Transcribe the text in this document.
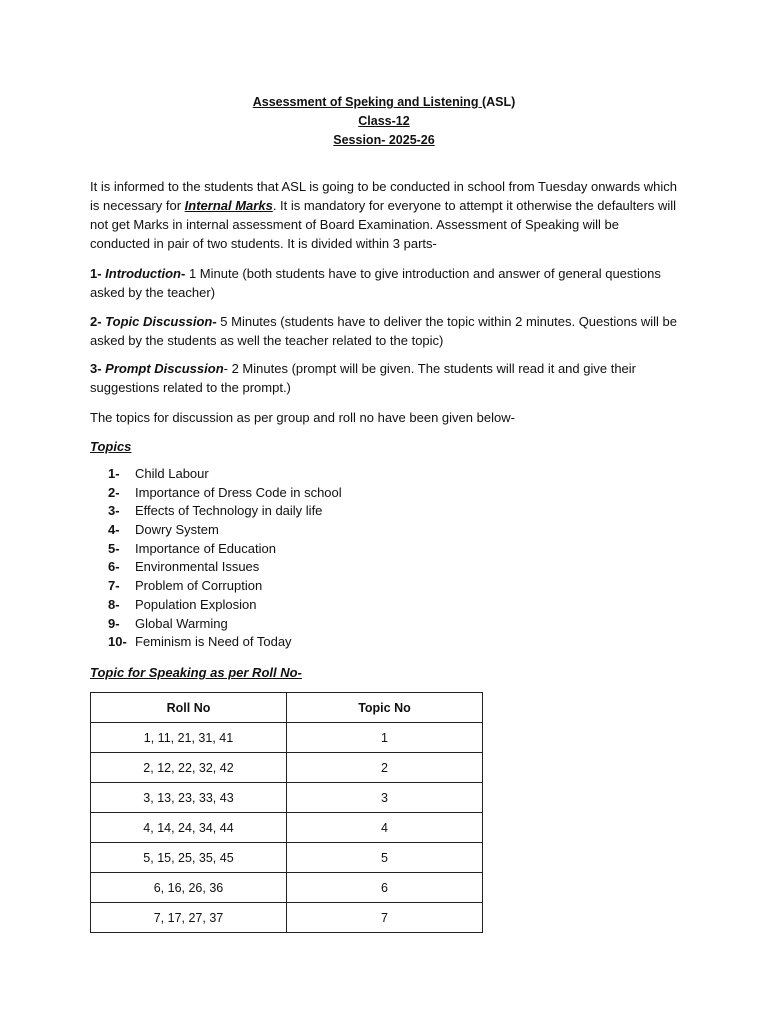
Assessment of Speking and Listening (ASL)
Class-12
Session- 2025-26
It is informed to the students that ASL is going to be conducted in school from Tuesday onwards which is necessary for Internal Marks. It is mandatory for everyone to attempt it otherwise the defaulters will not get Marks in internal assessment of Board Examination. Assessment of Speaking will be conducted in pair of two students. It is divided within 3 parts-
1- Introduction- 1 Minute (both students have to give introduction and answer of general questions asked by the teacher)
2- Topic Discussion- 5 Minutes (students have to deliver the topic within 2 minutes. Questions will be asked by the students as well the teacher related to the topic)
3- Prompt Discussion- 2 Minutes (prompt will be given. The students will read it and give their suggestions related to the prompt.)
The topics for discussion as per group and roll no have been given below-
Topics
1-	Child Labour
2-	Importance of Dress Code in school
3-	Effects of Technology in daily life
4-	Dowry System
5-	Importance of Education
6-	Environmental Issues
7-	Problem of Corruption
8-	Population Explosion
9-	Global Warming
10- Feminism is Need of Today
Topic for Speaking as per Roll No-
Roll No	Topic No
1, 11, 21, 31, 41	1
2, 12, 22, 32, 42	2
3, 13, 23, 33, 43	3
4, 14, 24, 34, 44	4
5, 15, 25, 35, 45	5
6, 16, 26, 36	6
7, 17, 27, 37	7
